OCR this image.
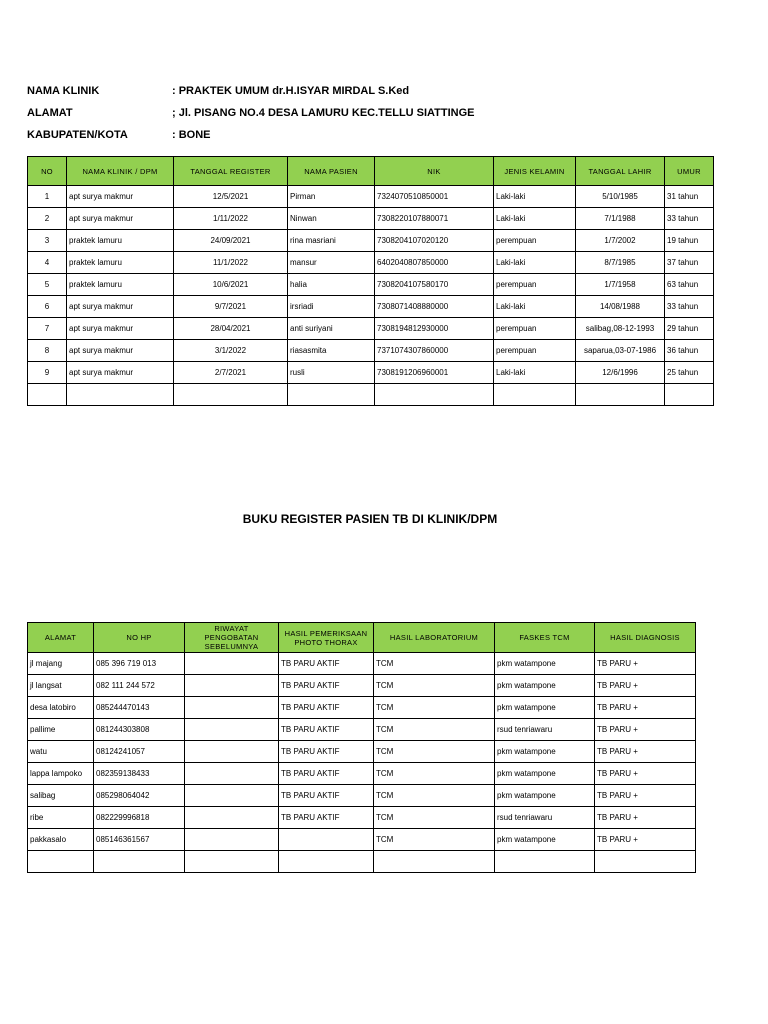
NAMA KLINIK	: PRAKTEK UMUM dr.H.ISYAR MIRDAL S.Ked
ALAMAT	; Jl. PISANG NO.4 DESA LAMURU KEC.TELLU SIATTINGE
KABUPATEN/KOTA	: BONE
NO	NAMA KLINIK / DPM	TANGGAL REGISTER	NAMA PASIEN	NIK	JENIS KELAMIN	TANGGAL LAHIR	UMUR
1	apt surya makmur	12/5/2021	Pirman	7324070510850001	Laki-laki	5/10/1985	31 tahun
2	apt surya makmur	1/11/2022	Ninwan	7308220107880071	Laki-laki	7/1/1988	33 tahun
3	praktek lamuru	24/09/2021	rina masriani	7308204107020120	perempuan	1/7/2002	19 tahun
4	praktek lamuru	11/1/2022	mansur	6402040807850000	Laki-laki	8/7/1985	37 tahun
5	praktek lamuru	10/6/2021	halia	7308204107580170	perempuan	1/7/1958	63 tahun
6	apt surya makmur	9/7/2021	irsriadi	7308071408880000	Laki-laki	14/08/1988	33 tahun
7	apt surya makmur	28/04/2021	anti suriyani	7308194812930000	perempuan	salibag,08-12-1993	29 tahun
8	apt surya makmur	3/1/2022	riasasmita	7371074307860000	perempuan	saparua,03-07-1986	36 tahun
9	apt surya makmur	2/7/2021	rusli	7308191206960001	Laki-laki	12/6/1996	25 tahun

BUKU REGISTER PASIEN TB DI KLINIK/DPM
ALAMAT	NO HP	RIWAYAT PENGOBATAN SEBELUMNYA	HASIL PEMERIKSAAN PHOTO THORAX	HASIL LABORATORIUM	FASKES TCM	HASIL DIAGNOSIS
jl majang	085 396 719 013		TB PARU AKTIF	TCM	pkm watampone	TB PARU +
jl langsat	082 111 244 572		TB PARU AKTIF	TCM	pkm watampone	TB PARU +
desa latobiro	085244470143		TB PARU AKTIF	TCM	pkm watampone	TB PARU +
pallime	081244303808		TB PARU AKTIF	TCM	rsud tenriawaru	TB PARU +
watu	08124241057		TB PARU AKTIF	TCM	pkm watampone	TB PARU +
lappa lampoko	082359138433		TB PARU AKTIF	TCM	pkm watampone	TB PARU +
salibag	085298064042		TB PARU AKTIF	TCM	pkm watampone	TB PARU +
ribe	082229996818		TB PARU AKTIF	TCM	rsud tenriawaru	TB PARU +
pakkasalo	085146361567			TCM	pkm watampone	TB PARU +
